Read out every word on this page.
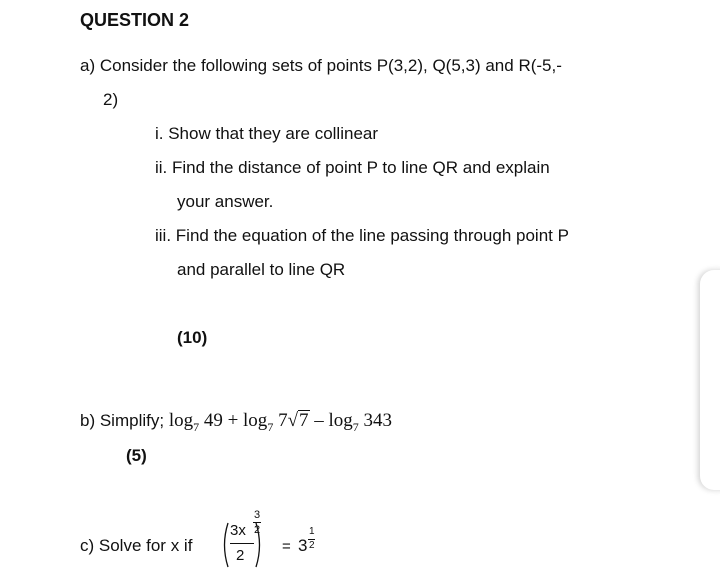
QUESTION 2
a) Consider the following sets of points P(3,2), Q(5,3) and R(-5,-
2)
i. Show that they are collinear
ii. Find the distance of point P to line QR and explain
your answer.
iii. Find the equation of the line passing through point P
and parallel to line QR
(10)
b) Simplify; $\log_7 49 + \log_7 7√7 - \log_7 343$
(5)
c) Solve for x if
3x
2
3
2
= 3
1
2
